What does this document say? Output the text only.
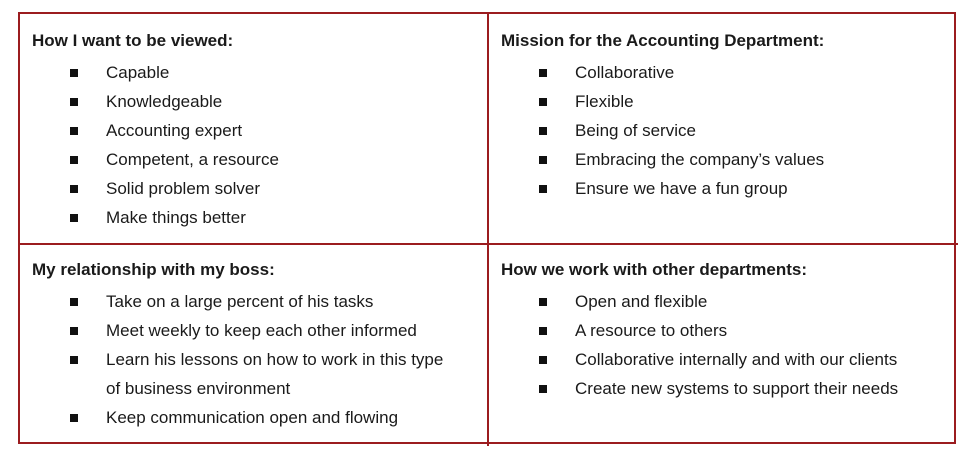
How I want to be viewed:
Capable
Knowledgeable
Accounting expert
Competent, a resource
Solid problem solver
Make things better
Mission for the Accounting Department:
Collaborative
Flexible
Being of service
Embracing the company’s values
Ensure we have a fun group
My relationship with my boss:
Take on a large percent of his tasks
Meet weekly to keep each other informed
Learn his lessons on how to work in this type of business environment
Keep communication open and flowing
How we work with other departments:
Open and flexible
A resource to others
Collaborative internally and with our clients
Create new systems to support their needs
